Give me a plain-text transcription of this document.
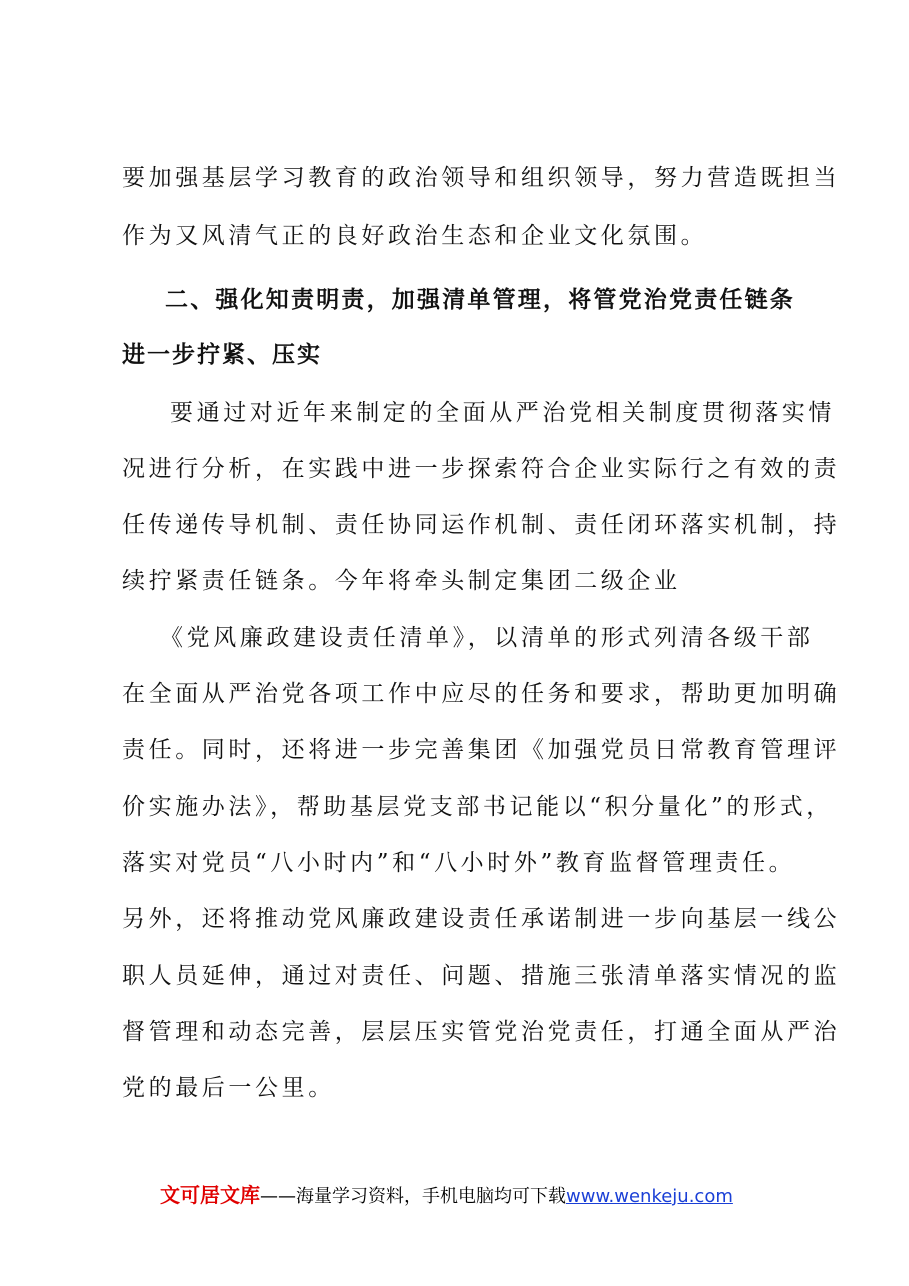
要加强基层学习教育的政治领导和组织领导，努力营造既担当
作为又风清气正的良好政治生态和企业文化氛围。
二、强化知责明责，加强清单管理，将管党治党责任链条
进一步拧紧、压实
要通过对近年来制定的全面从严治党相关制度贯彻落实情
况进行分析，在实践中进一步探索符合企业实际行之有效的责
任传递传导机制、责任协同运作机制、责任闭环落实机制，持
续拧紧责任链条。今年将牵头制定集团二级企业
《党风廉政建设责任清单》，以清单的形式列清各级干部
在全面从严治党各项工作中应尽的任务和要求，帮助更加明确
责任。同时，还将进一步完善集团《加强党员日常教育管理评
价实施办法》，帮助基层党支部书记能以“积分量化”的形式，
落实对党员“八小时内”和“八小时外”教育监督管理责任。
另外，还将推动党风廉政建设责任承诺制进一步向基层一线公
职人员延伸，通过对责任、问题、措施三张清单落实情况的监
督管理和动态完善，层层压实管党治党责任，打通全面从严治
党的最后一公里。
文可居文库——海量学习资料，手机电脑均可下载www.wenkeju.com
